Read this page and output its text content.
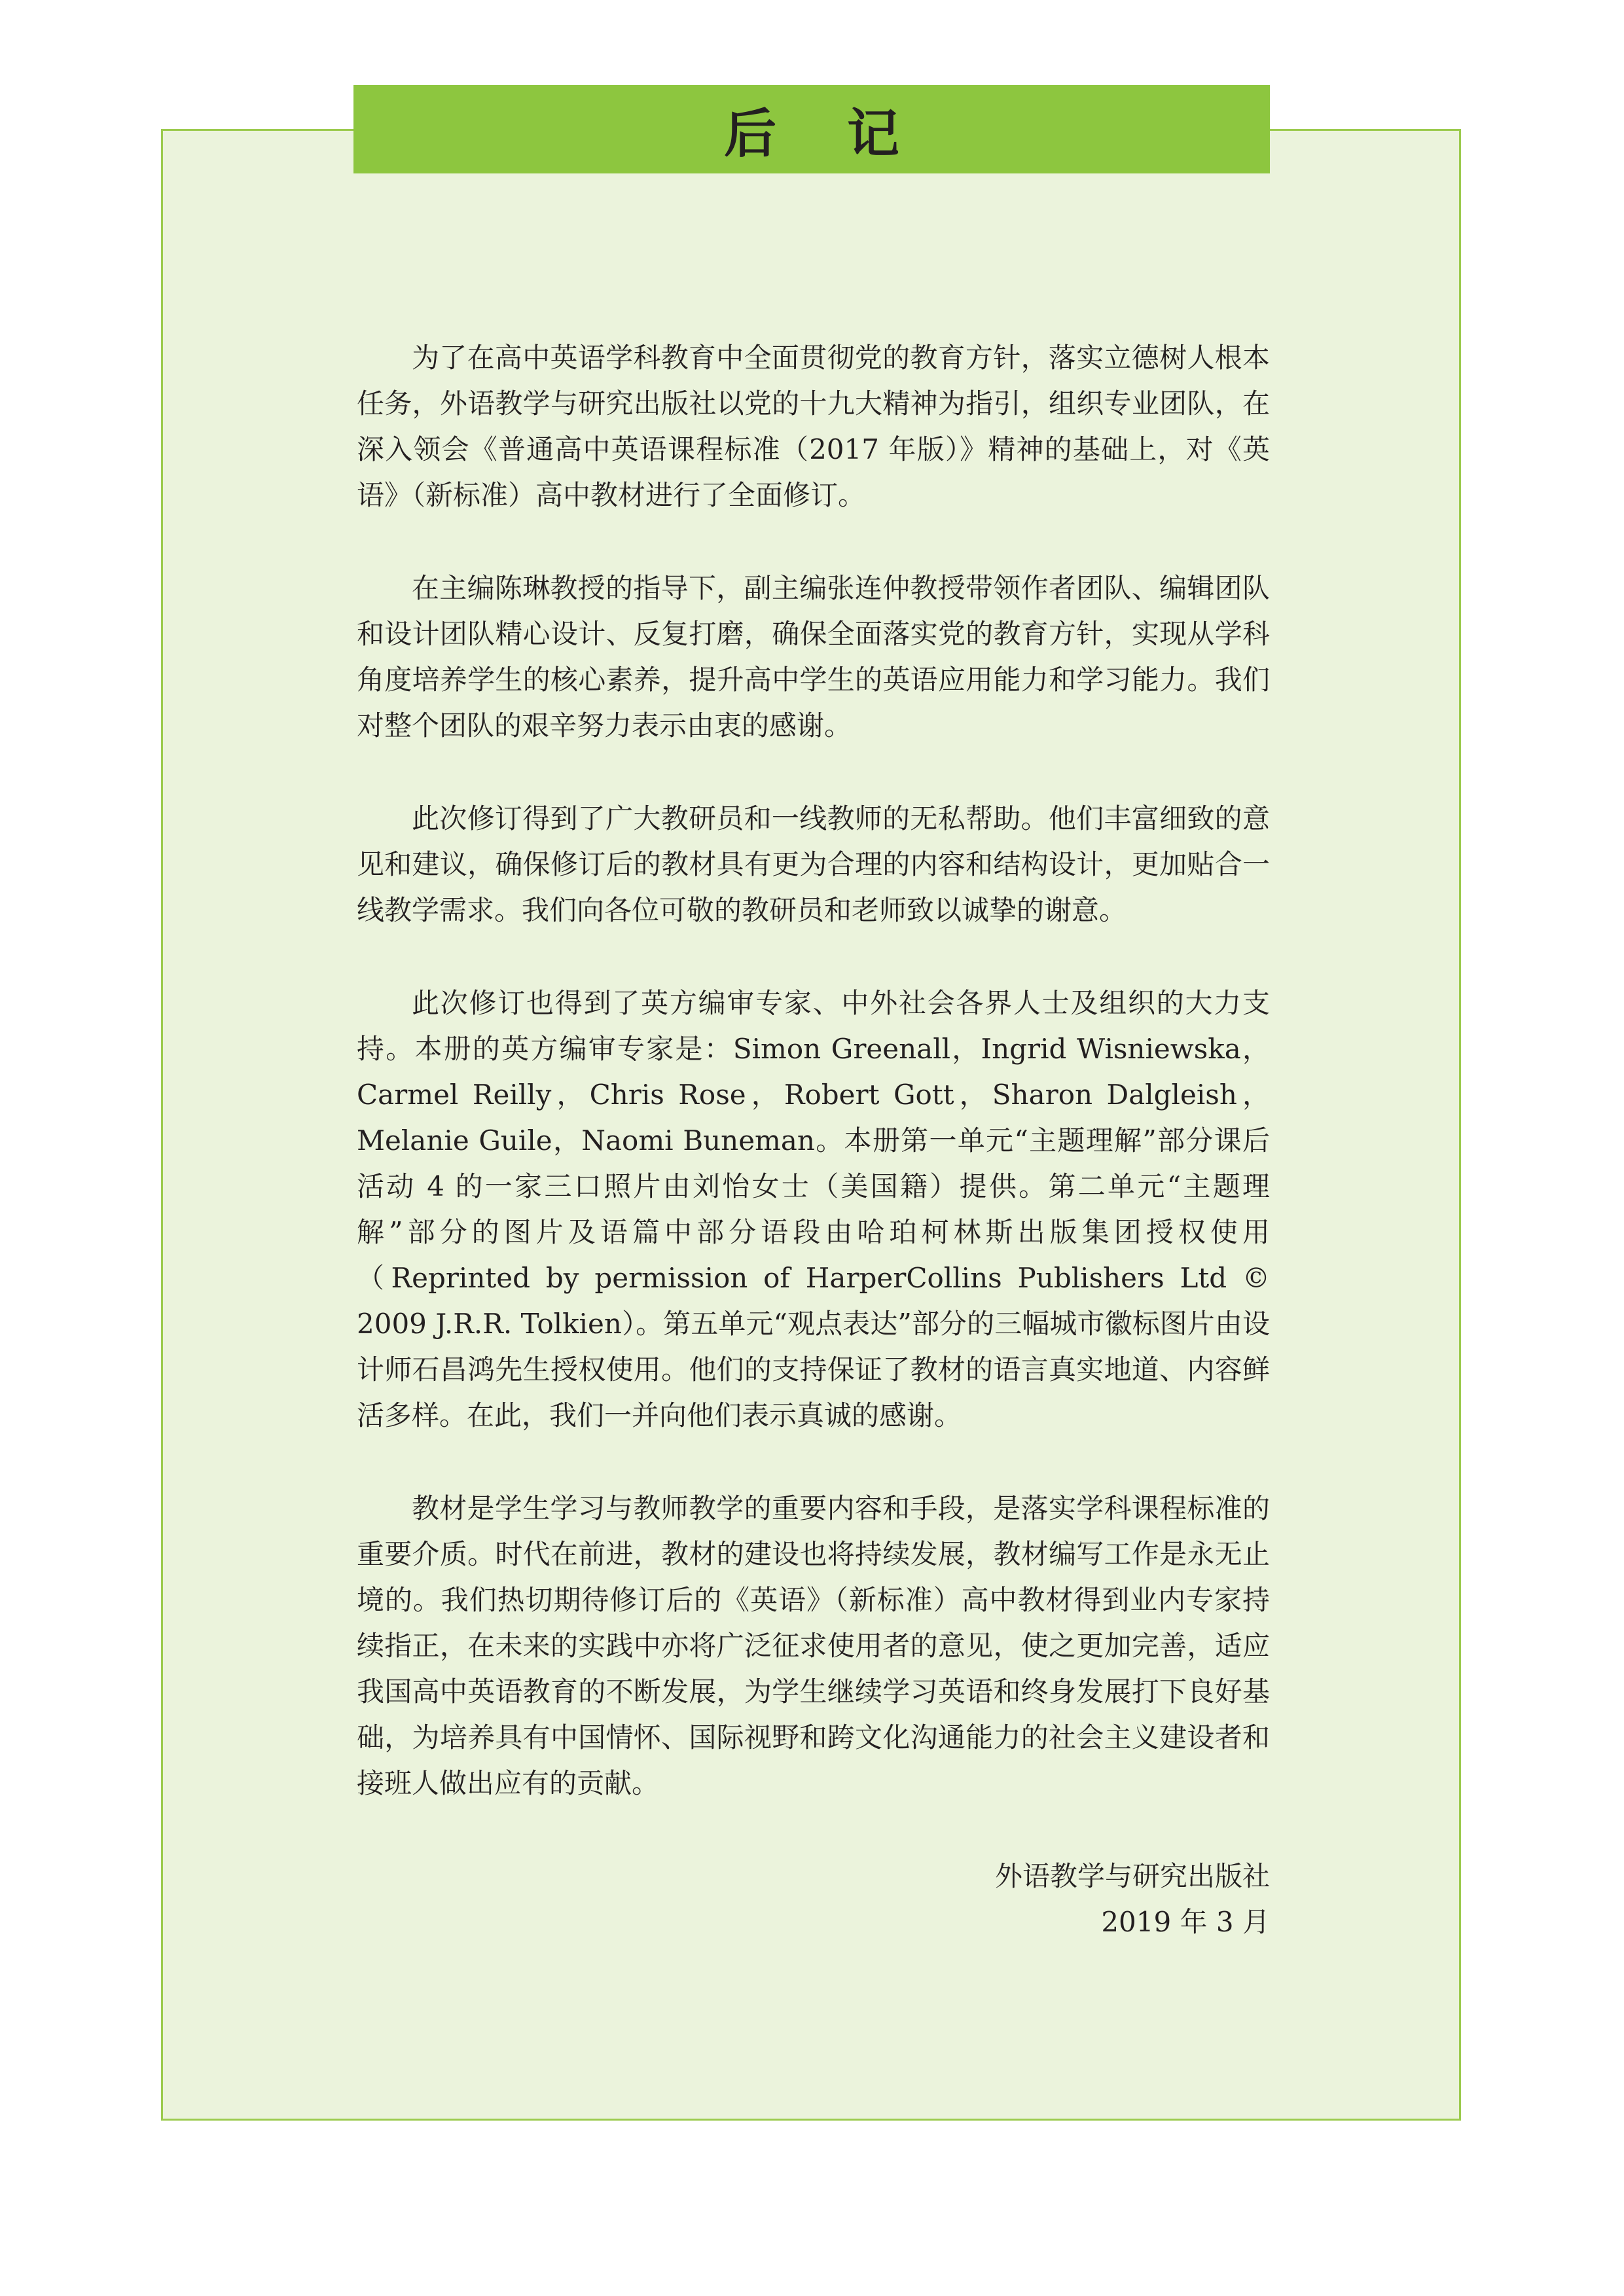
后 记

为了在高中英语学科教育中全面贯彻党的教育方针，落实立德树人根本任务，外语教学与研究出版社以党的十九大精神为指引，组织专业团队，在深入领会《普通高中英语课程标准（2017 年版）》精神的基础上，对《英语》（新标准）高中教材进行了全面修订。

在主编陈琳教授的指导下，副主编张连仲教授带领作者团队、编辑团队和设计团队精心设计、反复打磨，确保全面落实党的教育方针，实现从学科角度培养学生的核心素养，提升高中学生的英语应用能力和学习能力。我们对整个团队的艰辛努力表示由衷的感谢。

此次修订得到了广大教研员和一线教师的无私帮助。他们丰富细致的意见和建议，确保修订后的教材具有更为合理的内容和结构设计，更加贴合一线教学需求。我们向各位可敬的教研员和老师致以诚挚的谢意。

此次修订也得到了英方编审专家、中外社会各界人士及组织的大力支持。本册的英方编审专家是：Simon Greenall，Ingrid Wisniewska，Carmel Reilly，Chris Rose，Robert Gott，Sharon Dalgleish，Melanie Guile，Naomi Buneman。本册第一单元“主题理解”部分课后活动 4 的一家三口照片由刘怡女士（美国籍）提供。第二单元“主题理解”部分的图片及语篇中部分语段由哈珀柯林斯出版集团授权使用（Reprinted by permission of HarperCollins Publishers Ltd © 2009 J.R.R. Tolkien）。第五单元“观点表达”部分的三幅城市徽标图片由设计师石昌鸿先生授权使用。他们的支持保证了教材的语言真实地道、内容鲜活多样。在此，我们一并向他们表示真诚的感谢。

教材是学生学习与教师教学的重要内容和手段，是落实学科课程标准的重要介质。时代在前进，教材的建设也将持续发展，教材编写工作是永无止境的。我们热切期待修订后的《英语》（新标准）高中教材得到业内专家持续指正，在未来的实践中亦将广泛征求使用者的意见，使之更加完善，适应我国高中英语教育的不断发展，为学生继续学习英语和终身发展打下良好基础，为培养具有中国情怀、国际视野和跨文化沟通能力的社会主义建设者和接班人做出应有的贡献。

外语教学与研究出版社
2019 年 3 月
